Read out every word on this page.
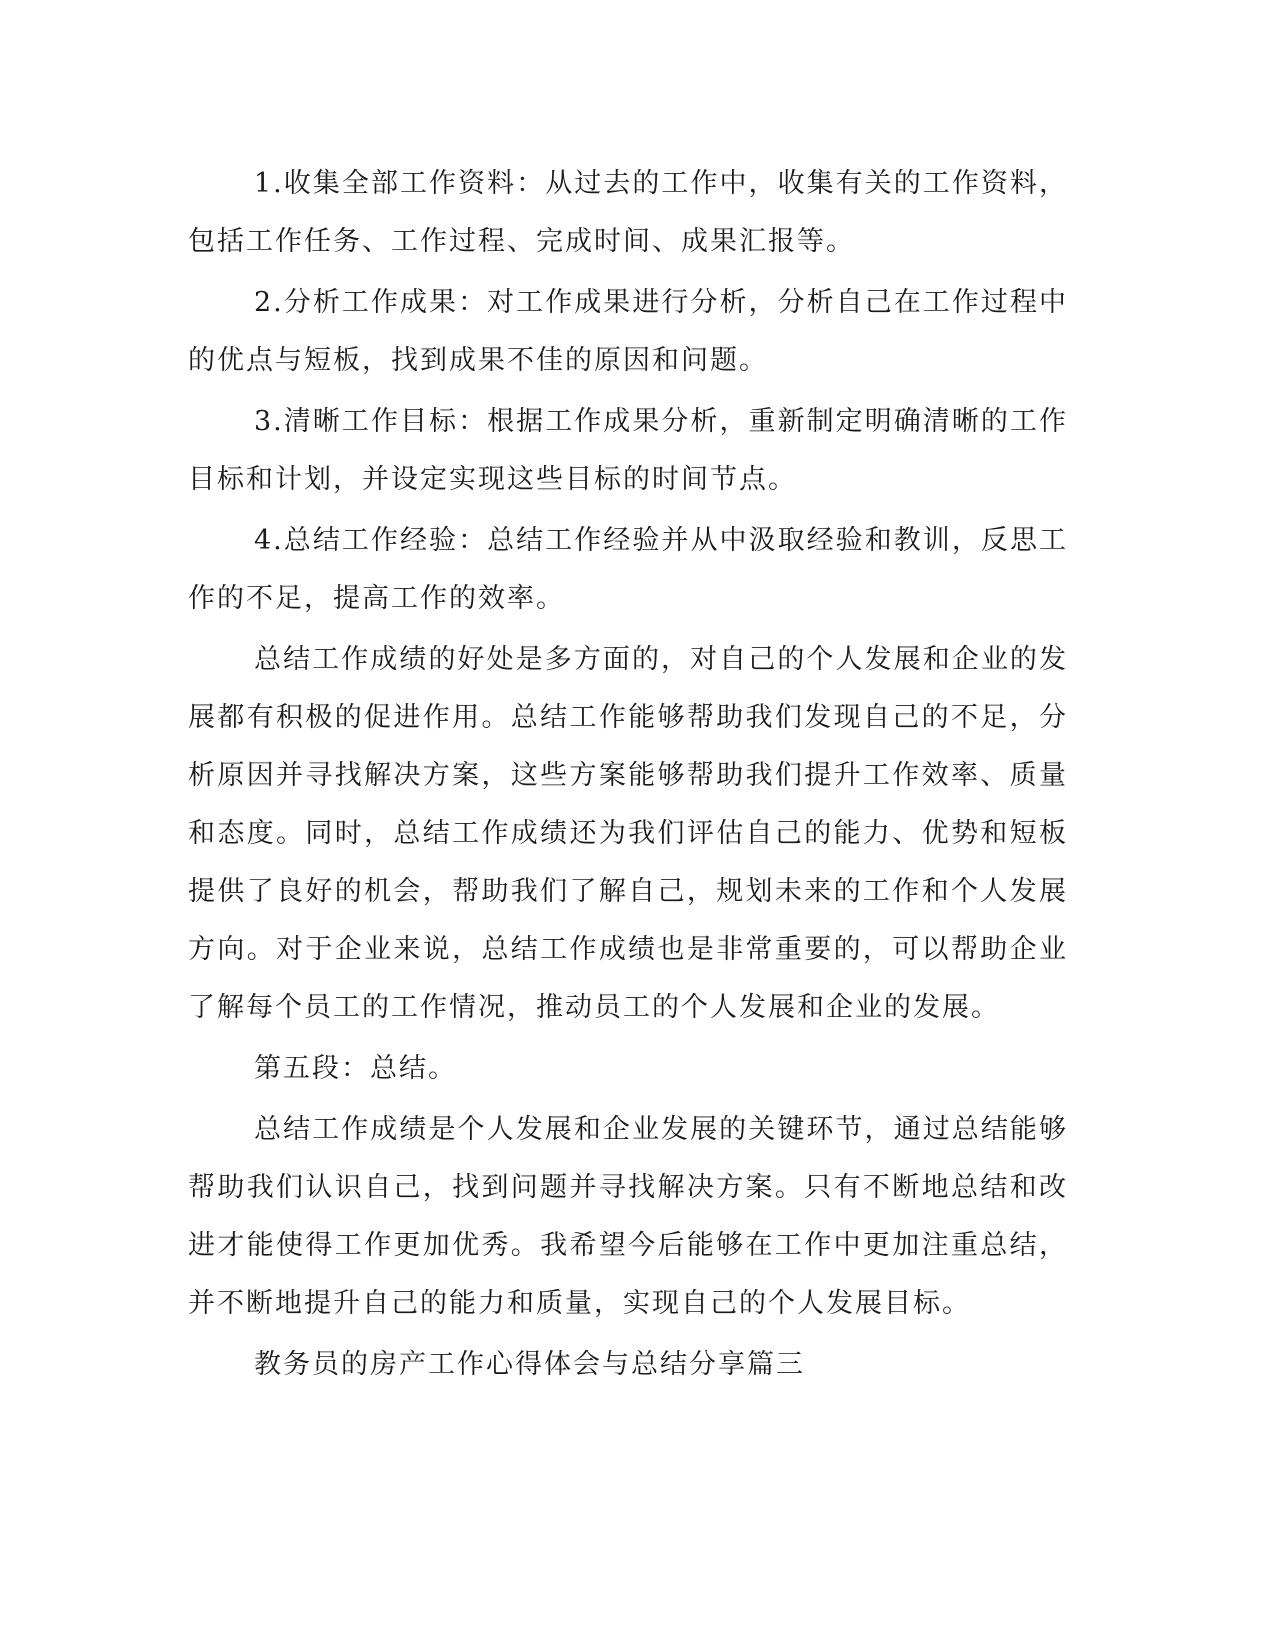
1.收集全部工作资料：从过去的工作中，收集有关的工作资料，包括工作任务、工作过程、完成时间、成果汇报等。

2.分析工作成果：对工作成果进行分析，分析自己在工作过程中的优点与短板，找到成果不佳的原因和问题。

3.清晰工作目标：根据工作成果分析，重新制定明确清晰的工作目标和计划，并设定实现这些目标的时间节点。

4.总结工作经验：总结工作经验并从中汲取经验和教训，反思工作的不足，提高工作的效率。

总结工作成绩的好处是多方面的，对自己的个人发展和企业的发展都有积极的促进作用。总结工作能够帮助我们发现自己的不足，分析原因并寻找解决方案，这些方案能够帮助我们提升工作效率、质量和态度。同时，总结工作成绩还为我们评估自己的能力、优势和短板提供了良好的机会，帮助我们了解自己，规划未来的工作和个人发展方向。对于企业来说，总结工作成绩也是非常重要的，可以帮助企业了解每个员工的工作情况，推动员工的个人发展和企业的发展。

第五段：总结。

总结工作成绩是个人发展和企业发展的关键环节，通过总结能够帮助我们认识自己，找到问题并寻找解决方案。只有不断地总结和改进才能使得工作更加优秀。我希望今后能够在工作中更加注重总结，并不断地提升自己的能力和质量，实现自己的个人发展目标。

教务员的房产工作心得体会与总结分享篇三
